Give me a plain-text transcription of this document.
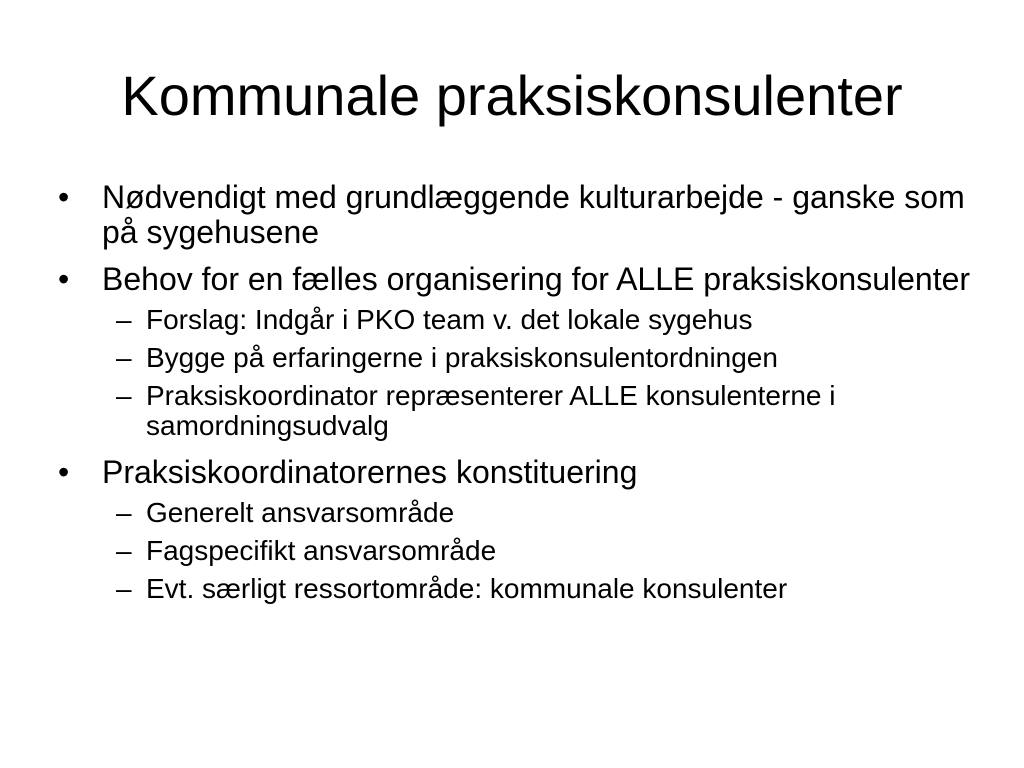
Kommunale praksiskonsulenter
•	Nødvendigt med grundlæggende kulturarbejde - ganske som på sygehusene
•	Behov for en fælles organisering for ALLE praksiskonsulenter
– Forslag: Indgår i PKO team v. det lokale sygehus
– Bygge på erfaringerne i praksiskonsulentordningen
– Praksiskoordinator repræsenterer ALLE konsulenterne i samordningsudvalg
•	Praksiskoordinatorernes konstituering
– Generelt ansvarsområde
– Fagspecifikt ansvarsområde
– Evt. særligt ressortområde: kommunale konsulenter
